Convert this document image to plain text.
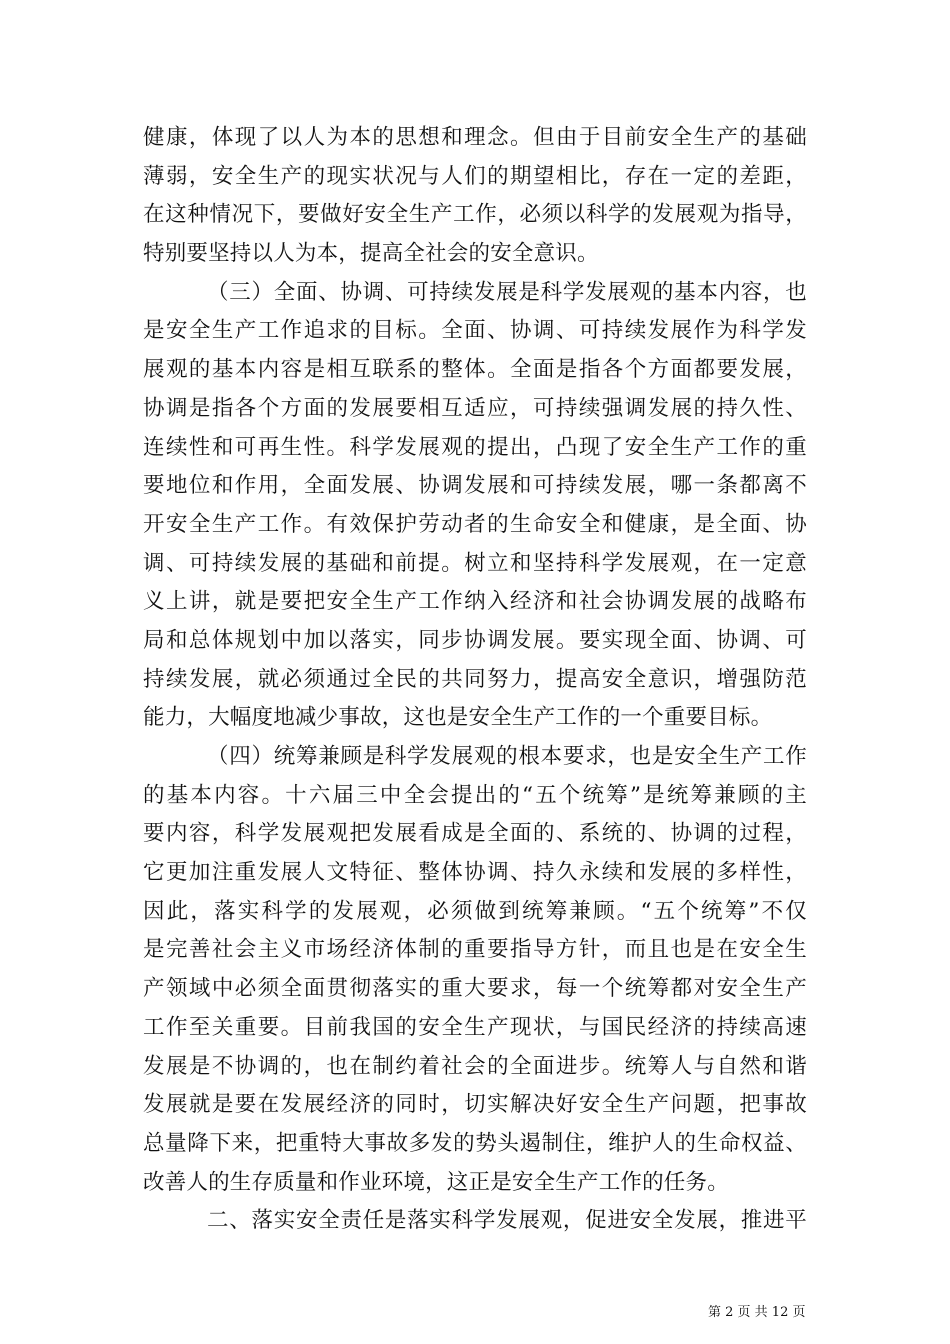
健康，体现了以人为本的思想和理念。但由于目前安全生产的基础
薄弱，安全生产的现实状况与人们的期望相比，存在一定的差距，
在这种情况下，要做好安全生产工作，必须以科学的发展观为指导，
特别要坚持以人为本，提高全社会的安全意识。
（三）全面、协调、可持续发展是科学发展观的基本内容，也
是安全生产工作追求的目标。全面、协调、可持续发展作为科学发
展观的基本内容是相互联系的整体。全面是指各个方面都要发展，
协调是指各个方面的发展要相互适应，可持续强调发展的持久性、
连续性和可再生性。科学发展观的提出，凸现了安全生产工作的重
要地位和作用，全面发展、协调发展和可持续发展，哪一条都离不
开安全生产工作。有效保护劳动者的生命安全和健康，是全面、协
调、可持续发展的基础和前提。树立和坚持科学发展观，在一定意
义上讲，就是要把安全生产工作纳入经济和社会协调发展的战略布
局和总体规划中加以落实，同步协调发展。要实现全面、协调、可
持续发展，就必须通过全民的共同努力，提高安全意识，增强防范
能力，大幅度地减少事故，这也是安全生产工作的一个重要目标。
（四）统筹兼顾是科学发展观的根本要求，也是安全生产工作
的基本内容。十六届三中全会提出的“五个统筹”是统筹兼顾的主
要内容，科学发展观把发展看成是全面的、系统的、协调的过程，
它更加注重发展人文特征、整体协调、持久永续和发展的多样性，
因此，落实科学的发展观，必须做到统筹兼顾。“五个统筹”不仅
是完善社会主义市场经济体制的重要指导方针，而且也是在安全生
产领域中必须全面贯彻落实的重大要求，每一个统筹都对安全生产
工作至关重要。目前我国的安全生产现状，与国民经济的持续高速
发展是不协调的，也在制约着社会的全面进步。统筹人与自然和谐
发展就是要在发展经济的同时，切实解决好安全生产问题，把事故
总量降下来，把重特大事故多发的势头遏制住，维护人的生命权益、
改善人的生存质量和作业环境，这正是安全生产工作的任务。
二、落实安全责任是落实科学发展观，促进安全发展，推进平
第 2 页 共 12 页
